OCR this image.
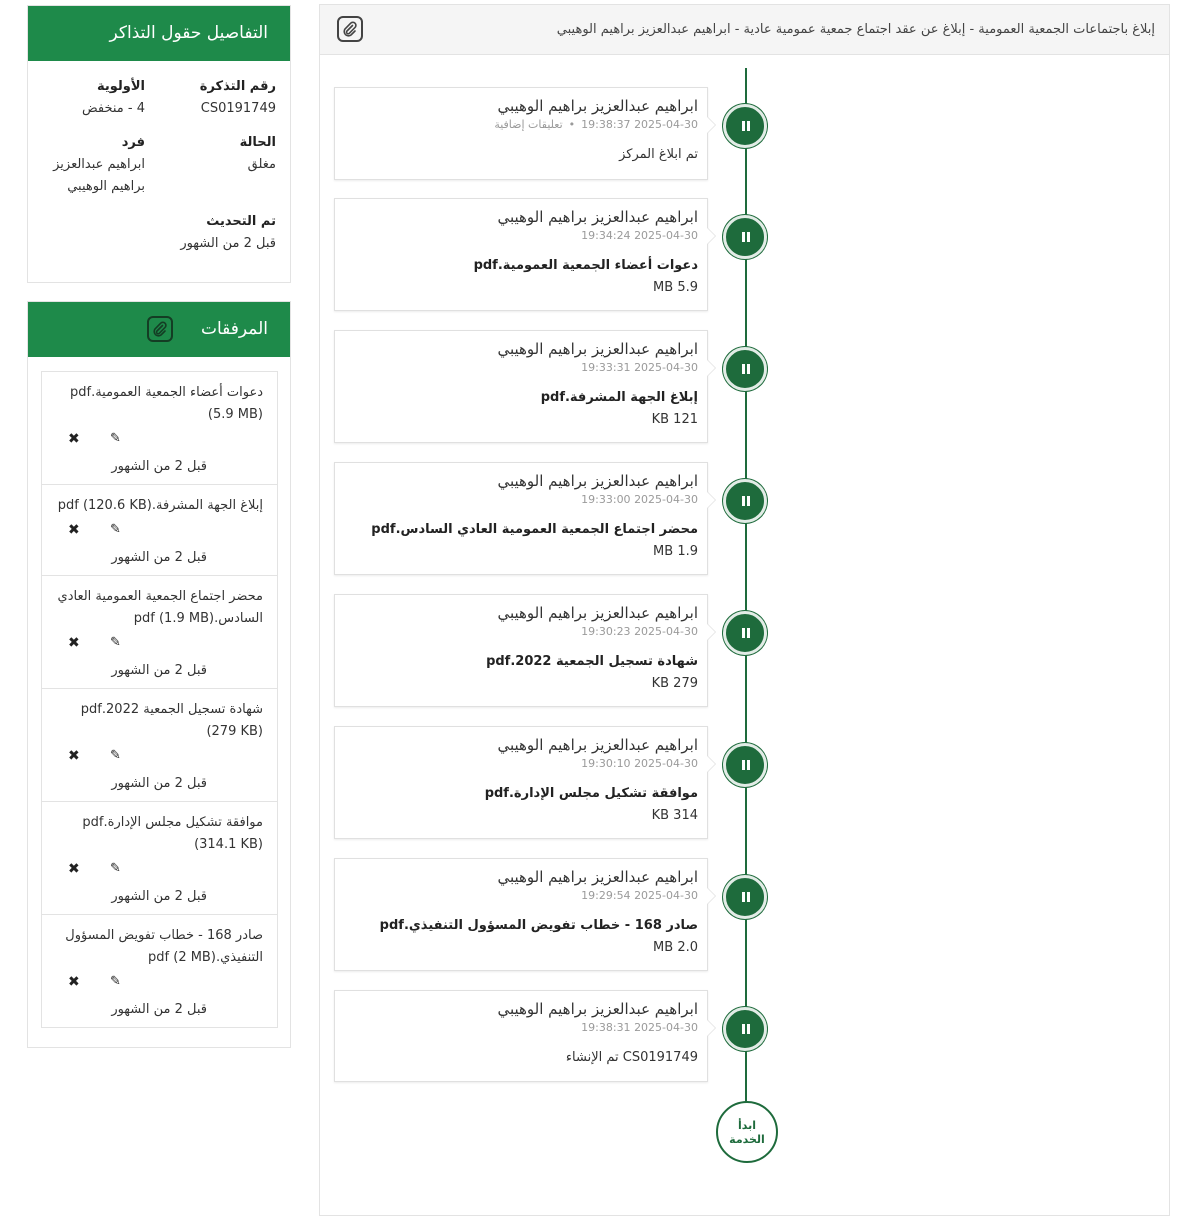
إبلاغ باجتماعات الجمعية العمومية - إبلاغ عن عقد اجتماع جمعية عمومية عادية - ابراهيم عبدالعزيز براهيم الوهيبي
ابراهيم عبدالعزيز براهيم الوهيبي
2025-04-30 19:38:37•تعليقات إضافية
تم ابلاغ المركز
ابراهيم عبدالعزيز براهيم الوهيبي
2025-04-30 19:34:24
دعوات أعضاء الجمعية العمومية.pdf
5.9 MB
ابراهيم عبدالعزيز براهيم الوهيبي
2025-04-30 19:33:31
إبلاغ الجهة المشرفة.pdf
121 KB
ابراهيم عبدالعزيز براهيم الوهيبي
2025-04-30 19:33:00
محضر اجتماع الجمعية العمومية العادي السادس.pdf
1.9 MB
ابراهيم عبدالعزيز براهيم الوهيبي
2025-04-30 19:30:23
شهادة تسجيل الجمعية 2022.pdf
279 KB
ابراهيم عبدالعزيز براهيم الوهيبي
2025-04-30 19:30:10
موافقة تشكيل مجلس الإدارة.pdf
314 KB
ابراهيم عبدالعزيز براهيم الوهيبي
2025-04-30 19:29:54
صادر 168 - خطاب تفويض المسؤول التنفيذي.pdf
2.0 MB
ابراهيم عبدالعزيز براهيم الوهيبي
2025-04-30 19:38:31
CS0191749 تم الإنشاء
ابدأ
الخدمة
التفاصيل حقول التذاكر
رقم التذكرة
CS0191749
الأولوية
4 - منخفض
الحالة
مغلق
فرد
ابراهيم عبدالعزيز براهيم الوهيبي
تم التحديث
قبل 2 من الشهور
المرفقات
دعوات أعضاء الجمعية العمومية.pdf (5.9 MB)
✖ ✎
قبل 2 من الشهور
إبلاغ الجهة المشرفة.pdf (120.6 KB)
✖ ✎
قبل 2 من الشهور
محضر اجتماع الجمعية العمومية العادي السادس.pdf (1.9 MB)
✖ ✎
قبل 2 من الشهور
شهادة تسجيل الجمعية 2022.pdf (279 KB)
✖ ✎
قبل 2 من الشهور
موافقة تشكيل مجلس الإدارة.pdf (314.1 KB)
✖ ✎
قبل 2 من الشهور
صادر 168 - خطاب تفويض المسؤول التنفيذي.pdf (2 MB)
✖ ✎
قبل 2 من الشهور
